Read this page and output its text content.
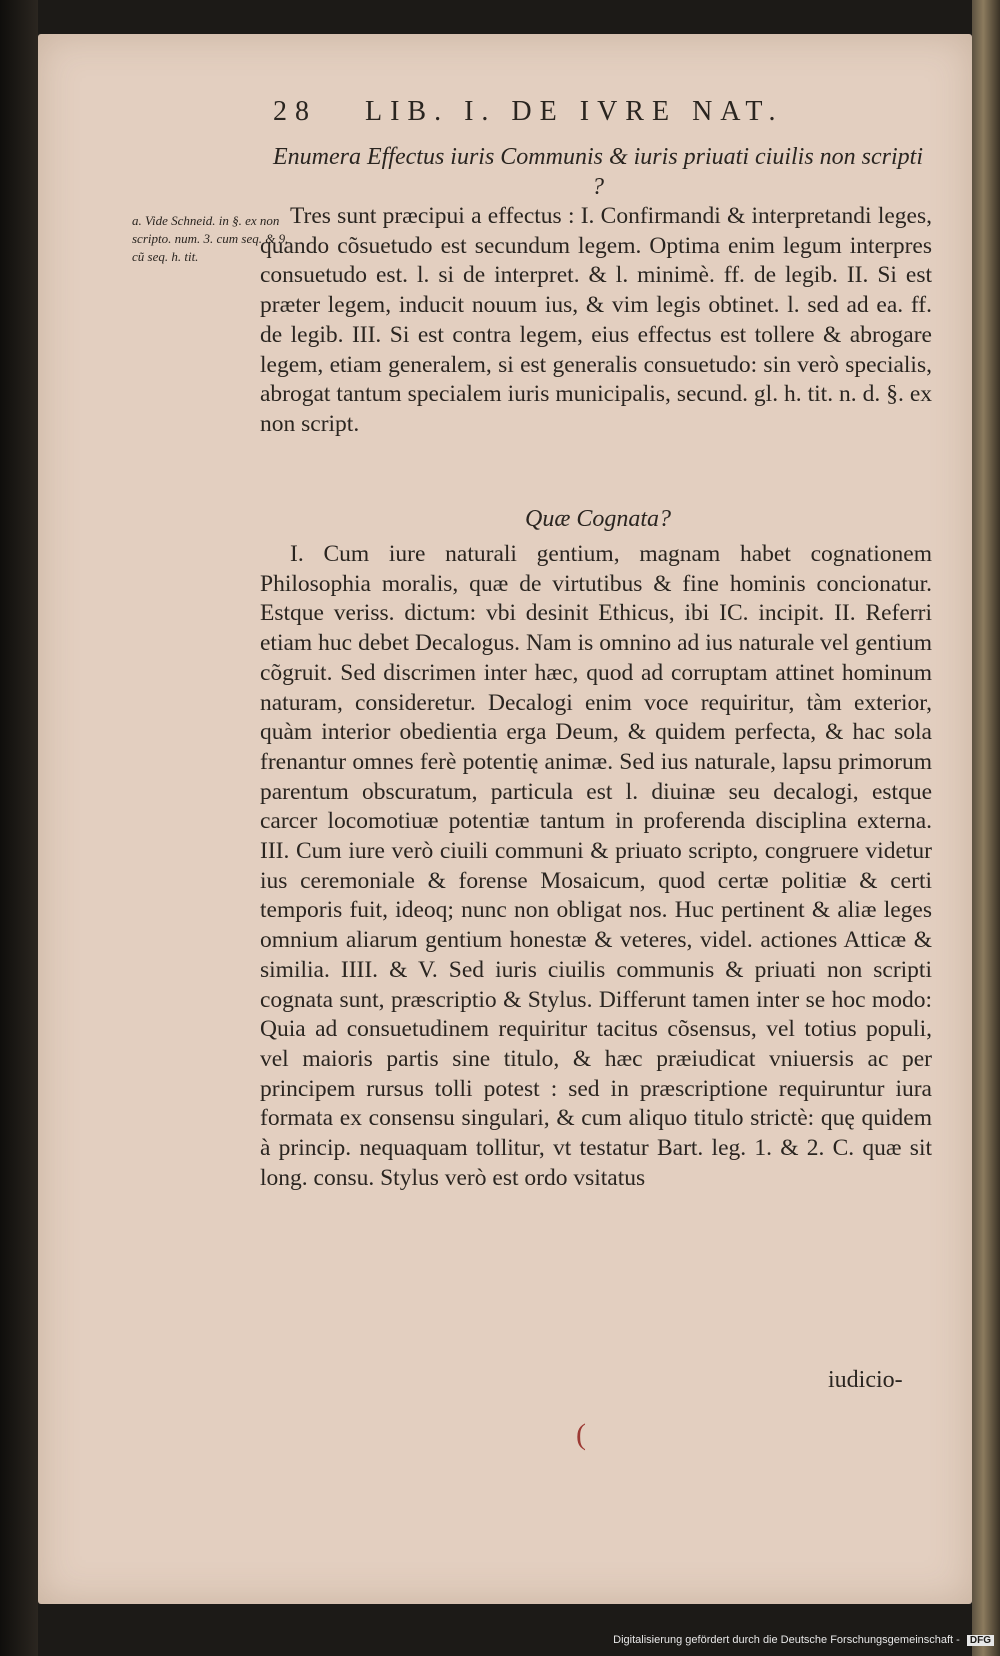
28 LIB. I. DE IVRE NAT.
Enumera Effectus iuris Communis & iuris priuati ciuilis non scripti ?
a. Vide Schneid. in §. ex non scripto. num. 3. cum seq. & 9. cũ seq. h. tit.

Tres sunt præcipui a effectus : I. Confirmandi & interpretandi leges, quando cõsuetudo est secundum legem. Optima enim legum interpres consuetudo est. l. si de interpret. & l. minimè. ff. de legib. II. Si est præter legem, inducit nouum ius, & vim legis obtinet. l. sed ad ea. ff. de legib. III. Si est contra legem, eius effectus est tollere & abrogare legem, etiam generalem, si est generalis consuetudo: sin verò specialis, abrogat tantum specialem iuris municipalis, secund. gl. h. tit. n. d. §. ex non script.

Quæ Cognata?

I. Cum iure naturali gentium, magnam habet cognationem Philosophia moralis, quæ de virtutibus & fine hominis concionatur. Estque veriss. dictum: vbi desinit Ethicus, ibi IC. incipit. II. Referri etiam huc debet Decalogus. Nam is omnino ad ius naturale vel gentium cõgruit. Sed discrimen inter hæc, quod ad corruptam attinet hominum naturam, consideretur. Decalogi enim voce requiritur, tàm exterior, quàm interior obedientia erga Deum, & quidem perfecta, & hac sola frenantur omnes ferè potentię animæ. Sed ius naturale, lapsu primorum parentum obscuratum, particula est l. diuinæ seu decalogi, estque carcer locomotiuæ potentiæ tantum in proferenda disciplina externa. III. Cum iure verò ciuili communi & priuato scripto, congruere videtur ius ceremoniale & forense Mosaicum, quod certæ politiæ & certi temporis fuit, ideoq; nunc non obligat nos. Huc pertinent & aliæ leges omnium aliarum gentium honestæ & veteres, videl. actiones Atticæ & similia. IIII. & V. Sed iuris ciuilis communis & priuati non scripti cognata sunt, præscriptio & Stylus. Differunt tamen inter se hoc modo: Quia ad consuetudinem requiritur tacitus cõsensus, vel totius populi, vel maioris partis sine titulo, & hæc præiudicat vniuersis ac per principem rursus tolli potest : sed in præscriptione requiruntur iura formata ex consensu singulari, & cum aliquo titulo strictè: quę quidem à princip. nequaquam tollitur, vt testatur Bart. leg. 1. & 2. C. quæ sit long. consu. Stylus verò est ordo vsitatus

iudicio-
(
Digitalisierung gefördert durch die Deutsche Forschungsgemeinschaft - DFG
